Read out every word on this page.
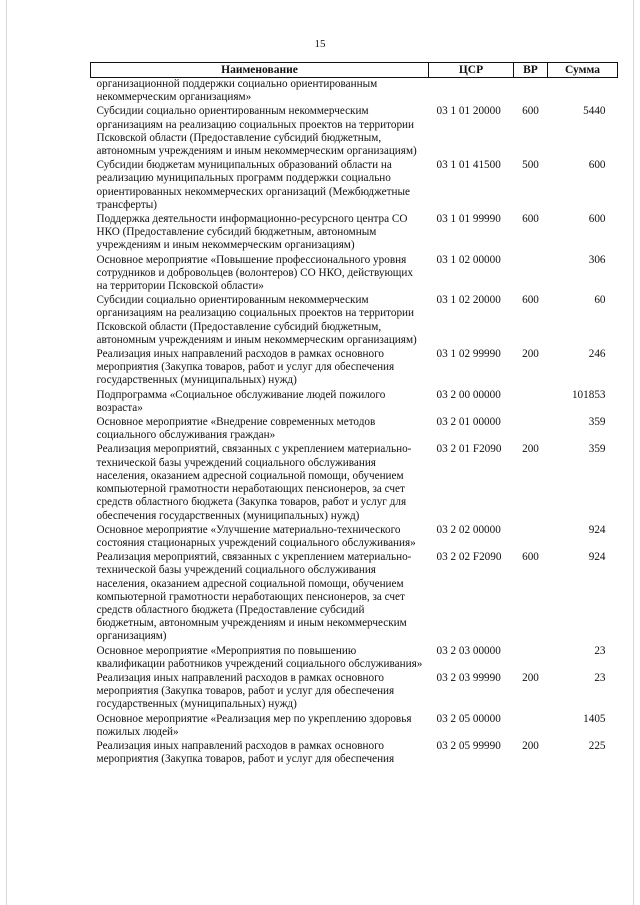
15
Наименование	ЦСР	ВР	Сумма
организационной поддержки социально ориентированным некоммерческим организациям»			
Субсидии социально ориентированным некоммерческим организациям на реализацию социальных проектов на территории Псковской области (Предоставление субсидий бюджетным, автономным учреждениям и иным некоммерческим организациям)	03 1 01 20000	600	5440
Субсидии бюджетам муниципальных образований области на реализацию муниципальных программ поддержки социально ориентированных некоммерческих организаций (Межбюджетные трансферты)	03 1 01 41500	500	600
Поддержка деятельности информационно-ресурсного центра СО НКО (Предоставление субсидий бюджетным, автономным учреждениям и иным некоммерческим организациям)	03 1 01 99990	600	600
Основное мероприятие «Повышение профессионального уровня сотрудников и добровольцев (волонтеров) СО НКО, действующих на территории Псковской области»	03 1 02 00000		306
Субсидии социально ориентированным некоммерческим организациям на реализацию социальных проектов на территории Псковской области (Предоставление субсидий бюджетным, автономным учреждениям и иным некоммерческим организациям)	03 1 02 20000	600	60
Реализация иных направлений расходов в рамках основного мероприятия (Закупка товаров, работ и услуг для обеспечения государственных (муниципальных) нужд)	03 1 02 99990	200	246
Подпрограмма «Социальное обслуживание людей пожилого возраста»	03 2 00 00000		101853
Основное мероприятие «Внедрение современных методов социального обслуживания граждан»	03 2 01 00000		359
Реализация мероприятий, связанных с укреплением материально-технической базы учреждений социального обслуживания населения, оказанием адресной социальной помощи, обучением компьютерной грамотности неработающих пенсионеров, за счет средств областного бюджета (Закупка товаров, работ и услуг для обеспечения государственных (муниципальных) нужд)	03 2 01 F2090	200	359
Основное мероприятие «Улучшение материально-технического состояния стационарных учреждений социального обслуживания»	03 2 02 00000		924
Реализация мероприятий, связанных с укреплением материально-технической базы учреждений социального обслуживания населения, оказанием адресной социальной помощи, обучением компьютерной грамотности неработающих пенсионеров, за счет средств областного бюджета (Предоставление субсидий бюджетным, автономным учреждениям и иным некоммерческим организациям)	03 2 02 F2090	600	924
Основное мероприятие «Мероприятия по повышению квалификации работников учреждений социального обслуживания»	03 2 03 00000		23
Реализация иных направлений расходов в рамках основного мероприятия (Закупка товаров, работ и услуг для обеспечения государственных (муниципальных) нужд)	03 2 03 99990	200	23
Основное мероприятие «Реализация мер по укреплению здоровья пожилых людей»	03 2 05 00000		1405
Реализация иных направлений расходов в рамках основного мероприятия (Закупка товаров, работ и услуг для обеспечения	03 2 05 99990	200	225
